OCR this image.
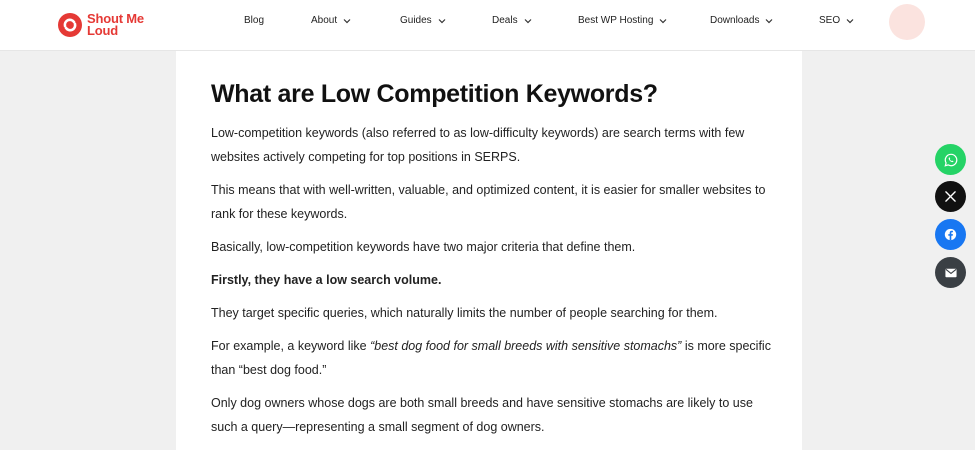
Shout Me
Loud
Blog	About	Guides	Deals	Best WP Hosting	Downloads	SEO
What are Low Competition Keywords?

Low-competition keywords (also referred to as low-difficulty keywords) are search terms with few websites actively competing for top positions in SERPS.

This means that with well-written, valuable, and optimized content, it is easier for smaller websites to rank for these keywords.

Basically, low-competition keywords have two major criteria that define them.

Firstly, they have a low search volume.

They target specific queries, which naturally limits the number of people searching for them.

For example, a keyword like “best dog food for small breeds with sensitive stomachs” is more specific than “best dog food.”

Only dog owners whose dogs are both small breeds and have sensitive stomachs are likely to use such a query—representing a small segment of dog owners.
